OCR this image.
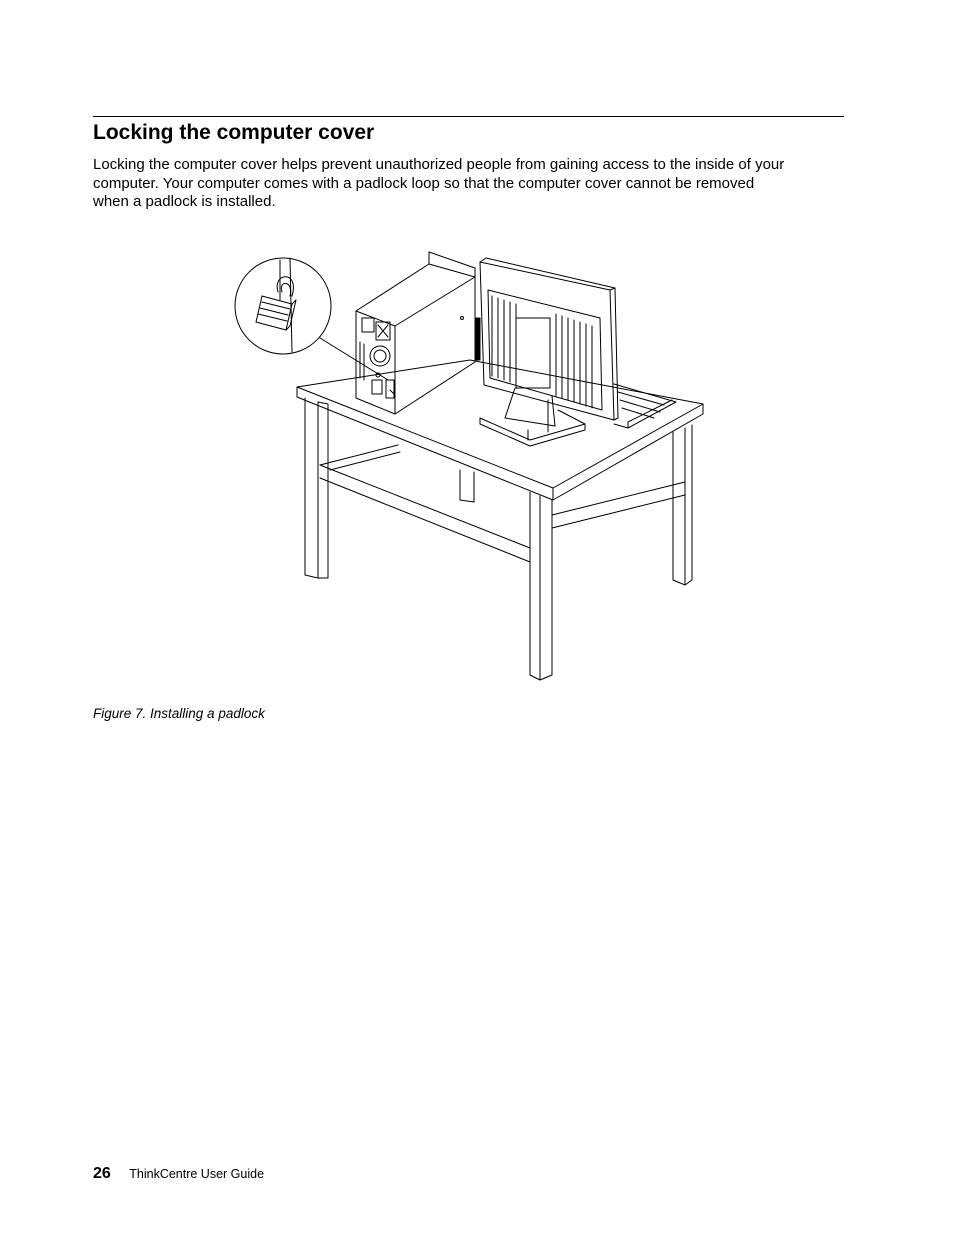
Locking the computer cover

Locking the computer cover helps prevent unauthorized people from gaining access to the inside of your
computer. Your computer comes with a padlock loop so that the computer cover cannot be removed
when a padlock is installed.

Figure 7. Installing a padlock

26 ThinkCentre User Guide
